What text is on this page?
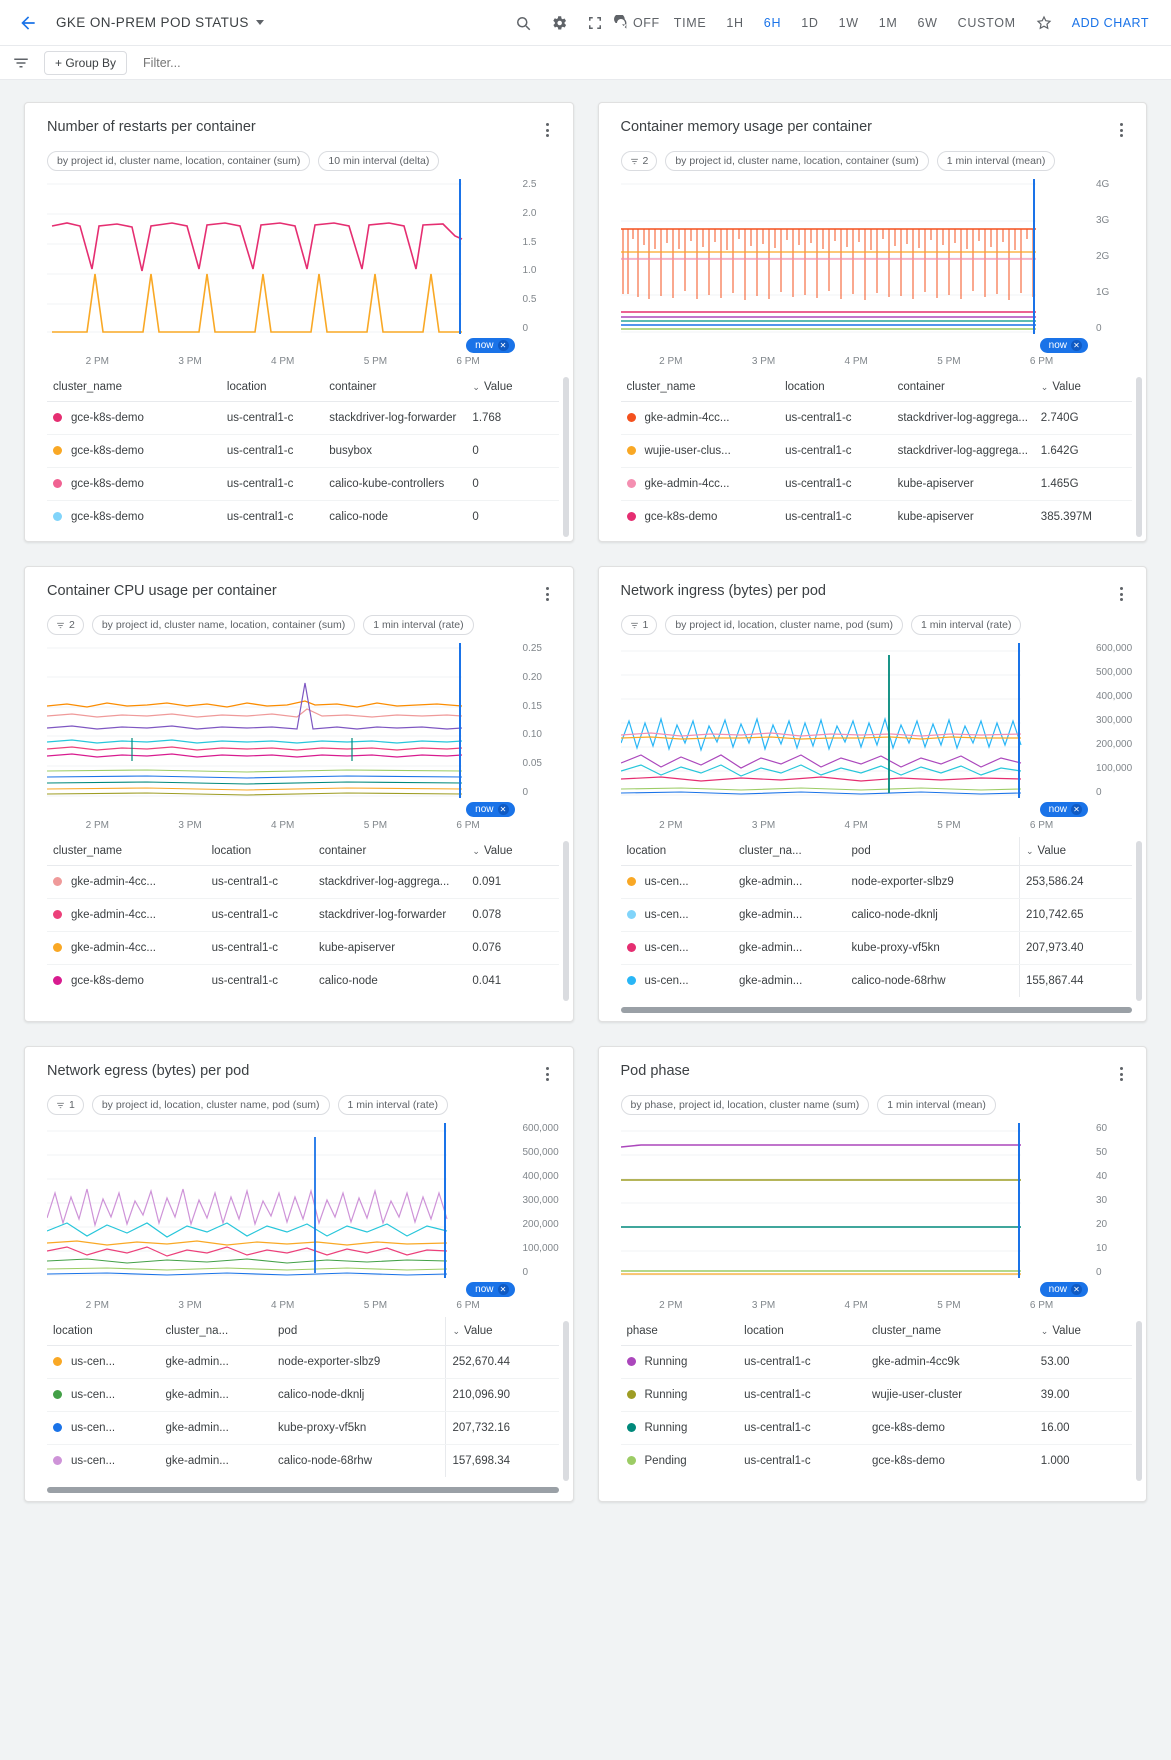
GKE ON-PREM POD STATUS	OFF	TIME	1H	6H	1D	1W	1M	6W	CUSTOM	ADD CHART
+ Group By
Filter...
Number of restarts per container
by project id, cluster name, location, container (sum)	10 min interval (delta)
2.5
2.0
1.5
1.0
0.5
0
now ✕
2 PM	3 PM	4 PM	5 PM	6 PM
cluster_name	location	container	⌄ Value
gce-k8s-demo	us-central1-c	stackdriver-log-forwarder	1.768
gce-k8s-demo	us-central1-c	busybox	0
gce-k8s-demo	us-central1-c	calico-kube-controllers	0
gce-k8s-demo	us-central1-c	calico-node	0
Container memory usage per container
2	by project id, cluster name, location, container (sum)	1 min interval (mean)
4G
3G
2G
1G
0
now ✕
2 PM	3 PM	4 PM	5 PM	6 PM
cluster_name	location	container	⌄ Value
gke-admin-4cc...	us-central1-c	stackdriver-log-aggrega...	2.740G
wujie-user-clus...	us-central1-c	stackdriver-log-aggrega...	1.642G
gke-admin-4cc...	us-central1-c	kube-apiserver	1.465G
gce-k8s-demo	us-central1-c	kube-apiserver	385.397M
Container CPU usage per container
2	by project id, cluster name, location, container (sum)	1 min interval (rate)
0.25
0.20
0.15
0.10
0.05
0
now ✕
2 PM	3 PM	4 PM	5 PM	6 PM
cluster_name	location	container	⌄ Value
gke-admin-4cc...	us-central1-c	stackdriver-log-aggrega...	0.091
gke-admin-4cc...	us-central1-c	stackdriver-log-forwarder	0.078
gke-admin-4cc...	us-central1-c	kube-apiserver	0.076
gce-k8s-demo	us-central1-c	calico-node	0.041
Network ingress (bytes) per pod
1	by project id, location, cluster name, pod (sum)	1 min interval (rate)
600,000
500,000
400,000
300,000
200,000
100,000
0
now ✕
2 PM	3 PM	4 PM	5 PM	6 PM
location	cluster_na...	pod	⌄ Value
us-cen...	gke-admin...	node-exporter-slbz9	253,586.24
us-cen...	gke-admin...	calico-node-dknlj	210,742.65
us-cen...	gke-admin...	kube-proxy-vf5kn	207,973.40
us-cen...	gke-admin...	calico-node-68rhw	155,867.44
Network egress (bytes) per pod
1	by project id, location, cluster name, pod (sum)	1 min interval (rate)
600,000
500,000
400,000
300,000
200,000
100,000
0
now ✕
2 PM	3 PM	4 PM	5 PM	6 PM
location	cluster_na...	pod	⌄ Value
us-cen...	gke-admin...	node-exporter-slbz9	252,670.44
us-cen...	gke-admin...	calico-node-dknlj	210,096.90
us-cen...	gke-admin...	kube-proxy-vf5kn	207,732.16
us-cen...	gke-admin...	calico-node-68rhw	157,698.34
Pod phase
by phase, project id, location, cluster name (sum)	1 min interval (mean)
60
50
40
30
20
10
0
now ✕
2 PM	3 PM	4 PM	5 PM	6 PM
phase	location	cluster_name	⌄ Value
Running	us-central1-c	gke-admin-4cc9k	53.00
Running	us-central1-c	wujie-user-cluster	39.00
Running	us-central1-c	gce-k8s-demo	16.00
Pending	us-central1-c	gce-k8s-demo	1.000
